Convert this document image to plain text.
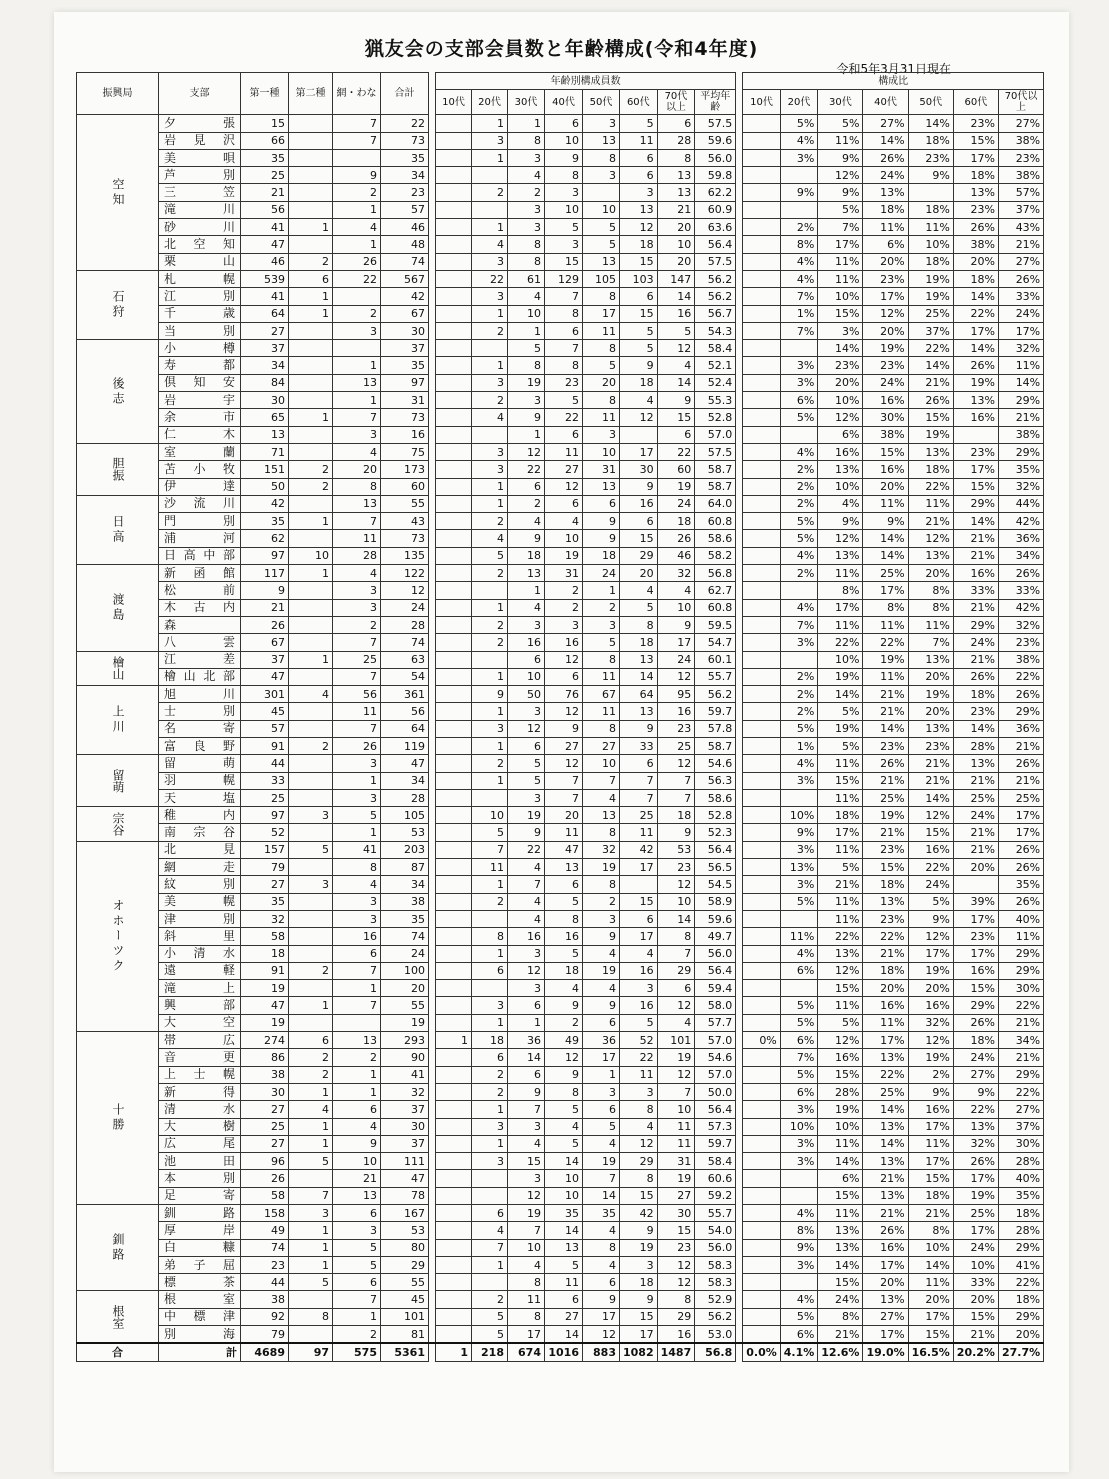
猟友会の支部会員数と年齢構成(令和4年度)
令和5年3月31日現在
振興局	支部	第一種	第二種	網・わな	合計		年齢別構成員数									構成比						
							10代	20代	30代	40代	50代	60代	70代以上	平均年齢		10代	20代	30代	40代	50代	60代	70代以上
空知	夕張	15		7	22			1	1	6	3	5	6	57.5			5%	5%	27%	14%	23%	27%
	岩見沢	66		7	73			3	8	10	13	11	28	59.6			4%	11%	14%	18%	15%	38%
	美唄	35			35			1	3	9	8	6	8	56.0			3%	9%	26%	23%	17%	23%
	芦別	25		9	34				4	8	3	6	13	59.8				12%	24%	9%	18%	38%
	三笠	21		2	23			2	2	3		3	13	62.2			9%	9%	13%		13%	57%
	滝川	56		1	57				3	10	10	13	21	60.9				5%	18%	18%	23%	37%
	砂川	41	1	4	46			1	3	5	5	12	20	63.6			2%	7%	11%	11%	26%	43%
	北空知	47		1	48			4	8	3	5	18	10	56.4			8%	17%	6%	10%	38%	21%
	栗山	46	2	26	74			3	8	15	13	15	20	57.5			4%	11%	20%	18%	20%	27%
石狩	札幌	539	6	22	567			22	61	129	105	103	147	56.2			4%	11%	23%	19%	18%	26%
	江別	41	1		42			3	4	7	8	6	14	56.2			7%	10%	17%	19%	14%	33%
	千歳	64	1	2	67			1	10	8	17	15	16	56.7			1%	15%	12%	25%	22%	24%
	当別	27		3	30			2	1	6	11	5	5	54.3			7%	3%	20%	37%	17%	17%
後志	小樽	37			37				5	7	8	5	12	58.4				14%	19%	22%	14%	32%
	寿都	34		1	35			1	8	8	5	9	4	52.1			3%	23%	23%	14%	26%	11%
	倶知安	84		13	97			3	19	23	20	18	14	52.4			3%	20%	24%	21%	19%	14%
	岩宇	30		1	31			2	3	5	8	4	9	55.3			6%	10%	16%	26%	13%	29%
	余市	65	1	7	73			4	9	22	11	12	15	52.8			5%	12%	30%	15%	16%	21%
	仁木	13		3	16				1	6	3		6	57.0				6%	38%	19%		38%
胆振	室蘭	71		4	75			3	12	11	10	17	22	57.5			4%	16%	15%	13%	23%	29%
	苫小牧	151	2	20	173			3	22	27	31	30	60	58.7			2%	13%	16%	18%	17%	35%
	伊達	50	2	8	60			1	6	12	13	9	19	58.7			2%	10%	20%	22%	15%	32%
日高	沙流川	42		13	55			1	2	6	6	16	24	64.0			2%	4%	11%	11%	29%	44%
	門別	35	1	7	43			2	4	4	9	6	18	60.8			5%	9%	9%	21%	14%	42%
	浦河	62		11	73			4	9	10	9	15	26	58.6			5%	12%	14%	12%	21%	36%
	日高中部	97	10	28	135			5	18	19	18	29	46	58.2			4%	13%	14%	13%	21%	34%
渡島	新函館	117	1	4	122			2	13	31	24	20	32	56.8			2%	11%	25%	20%	16%	26%
	松前	9		3	12				1	2	1	4	4	62.7				8%	17%	8%	33%	33%
	木古内	21		3	24			1	4	2	2	5	10	60.8			4%	17%	8%	8%	21%	42%
	森	26		2	28			2	3	3	3	8	9	59.5			7%	11%	11%	11%	29%	32%
	八雲	67		7	74			2	16	16	5	18	17	54.7			3%	22%	22%	7%	24%	23%
檜山	江差	37	1	25	63				6	12	8	13	24	60.1				10%	19%	13%	21%	38%
	檜山北部	47		7	54			1	10	6	11	14	12	55.7			2%	19%	11%	20%	26%	22%
上川	旭川	301	4	56	361			9	50	76	67	64	95	56.2			2%	14%	21%	19%	18%	26%
	士別	45		11	56			1	3	12	11	13	16	59.7			2%	5%	21%	20%	23%	29%
	名寄	57		7	64			3	12	9	8	9	23	57.8			5%	19%	14%	13%	14%	36%
	富良野	91	2	26	119			1	6	27	27	33	25	58.7			1%	5%	23%	23%	28%	21%
留萌	留萌	44		3	47			2	5	12	10	6	12	54.6			4%	11%	26%	21%	13%	26%
	羽幌	33		1	34			1	5	7	7	7	7	56.3			3%	15%	21%	21%	21%	21%
	天塩	25		3	28				3	7	4	7	7	58.6				11%	25%	14%	25%	25%
宗谷	稚内	97	3	5	105			10	19	20	13	25	18	52.8			10%	18%	19%	12%	24%	17%
	南宗谷	52		1	53			5	9	11	8	11	9	52.3			9%	17%	21%	15%	21%	17%
オホーツク	北見	157	5	41	203			7	22	47	32	42	53	56.4			3%	11%	23%	16%	21%	26%
	網走	79		8	87			11	4	13	19	17	23	56.5			13%	5%	15%	22%	20%	26%
	紋別	27	3	4	34			1	7	6	8		12	54.5			3%	21%	18%	24%		35%
	美幌	35		3	38			2	4	5	2	15	10	58.9			5%	11%	13%	5%	39%	26%
	津別	32		3	35				4	8	3	6	14	59.6				11%	23%	9%	17%	40%
	斜里	58		16	74			8	16	16	9	17	8	49.7			11%	22%	22%	12%	23%	11%
	小清水	18		6	24			1	3	5	4	4	7	56.0			4%	13%	21%	17%	17%	29%
	遠軽	91	2	7	100			6	12	18	19	16	29	56.4			6%	12%	18%	19%	16%	29%
	滝上	19		1	20				3	4	4	3	6	59.4				15%	20%	20%	15%	30%
	興部	47	1	7	55			3	6	9	9	16	12	58.0			5%	11%	16%	16%	29%	22%
	大空	19			19			1	1	2	6	5	4	57.7			5%	5%	11%	32%	26%	21%
十勝	帯広	274	6	13	293		1	18	36	49	36	52	101	57.0		0%	6%	12%	17%	12%	18%	34%
	音更	86	2	2	90			6	14	12	17	22	19	54.6			7%	16%	13%	19%	24%	21%
	上士幌	38	2	1	41			2	6	9	1	11	12	57.0			5%	15%	22%	2%	27%	29%
	新得	30	1	1	32			2	9	8	3	3	7	50.0			6%	28%	25%	9%	9%	22%
	清水	27	4	6	37			1	7	5	6	8	10	56.4			3%	19%	14%	16%	22%	27%
	大樹	25	1	4	30			3	3	4	5	4	11	57.3			10%	10%	13%	17%	13%	37%
	広尾	27	1	9	37			1	4	5	4	12	11	59.7			3%	11%	14%	11%	32%	30%
	池田	96	5	10	111			3	15	14	19	29	31	58.4			3%	14%	13%	17%	26%	28%
	本別	26		21	47				3	10	7	8	19	60.6				6%	21%	15%	17%	40%
	足寄	58	7	13	78				12	10	14	15	27	59.2				15%	13%	18%	19%	35%
釧路	釧路	158	3	6	167			6	19	35	35	42	30	55.7			4%	11%	21%	21%	25%	18%
	厚岸	49	1	3	53			4	7	14	4	9	15	54.0			8%	13%	26%	8%	17%	28%
	白糠	74	1	5	80			7	10	13	8	19	23	56.0			9%	13%	16%	10%	24%	29%
	弟子屈	23	1	5	29			1	4	5	4	3	12	58.3			3%	14%	17%	14%	10%	41%
	標茶	44	5	6	55				8	11	6	18	12	58.3				15%	20%	11%	33%	22%
根室	根室	38		7	45			2	11	6	9	9	8	52.9			4%	24%	13%	20%	20%	18%
	中標津	92	8	1	101			5	8	27	17	15	29	56.2			5%	8%	27%	17%	15%	29%
	別海	79		2	81			5	17	14	12	17	16	53.0			6%	21%	17%	15%	21%	20%
合	計	4689	97	575	5361		1	218	674	1016	883	1082	1487	56.8		0.0%	4.1%	12.6%	19.0%	16.5%	20.2%	27.7%
